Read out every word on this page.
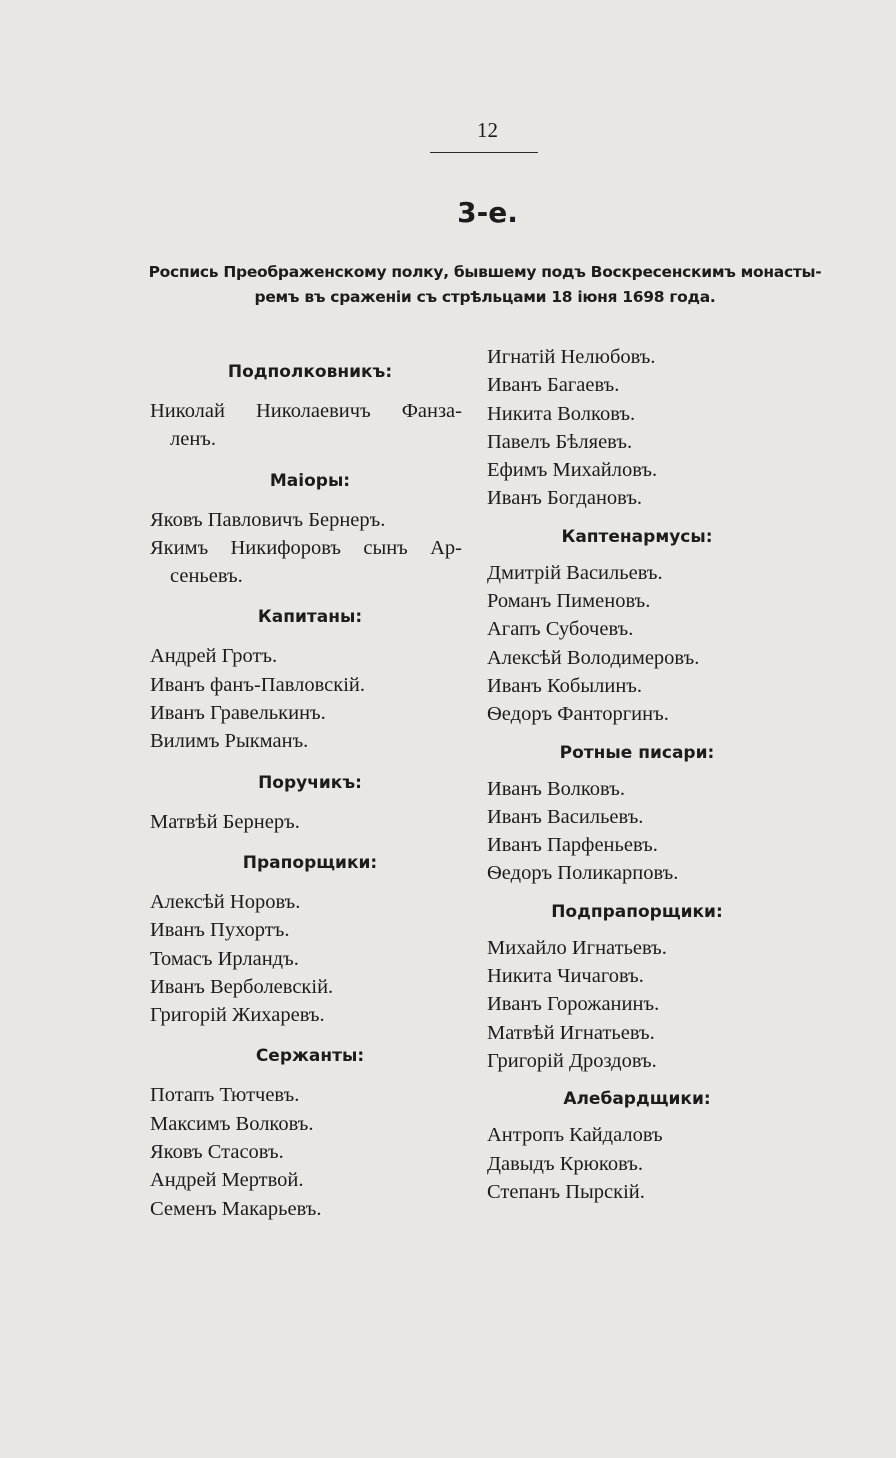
12
3-е.
Роспись Преображенскому полку, бывшему подъ Воскресенскимъ монасты-
ремъ въ сраженіи съ стрѣльцами 18 іюня 1698 года.

Подполковникъ:

Николай Николаевичъ Фанза-

ленъ.

Маіоры:

Яковъ Павловичъ Бернеръ.

Якимъ Никифоровъ сынъ Ар-

сеньевъ.

Капитаны:

Андрей Гротъ.

Иванъ фанъ-Павловскій.

Иванъ Гравелькинъ.

Вилимъ Рыкманъ.

Поручикъ:

Матвѣй Бернеръ.

Прапорщики:

Алексѣй Норовъ.

Иванъ Пухортъ.

Томасъ Ирландъ.

Иванъ Верболевскій.

Григорій Жихаревъ.

Сержанты:

Потапъ Тютчевъ.

Максимъ Волковъ.

Яковъ Стасовъ.

Андрей Мертвой.

Семенъ Макарьевъ.

Игнатій Нелюбовъ.

Иванъ Багаевъ.

Никита Волковъ.

Павелъ Бѣляевъ.

Ефимъ Михайловъ.

Иванъ Богдановъ.

Каптенармусы:

Дмитрій Васильевъ.

Романъ Пименовъ.

Агапъ Субочевъ.

Алексѣй Володимеровъ.

Иванъ Кобылинъ.

Ѳедоръ Фанторгинъ.

Ротные писари:

Иванъ Волковъ.

Иванъ Васильевъ.

Иванъ Парфеньевъ.

Ѳедоръ Поликарповъ.

Подпрапорщики:

Михайло Игнатьевъ.

Никита Чичаговъ.

Иванъ Горожанинъ.

Матвѣй Игнатьевъ.

Григорій Дроздовъ.

Алебардщики:

Антропъ Кайдаловъ

Давыдъ Крюковъ.

Степанъ Пырскій.
